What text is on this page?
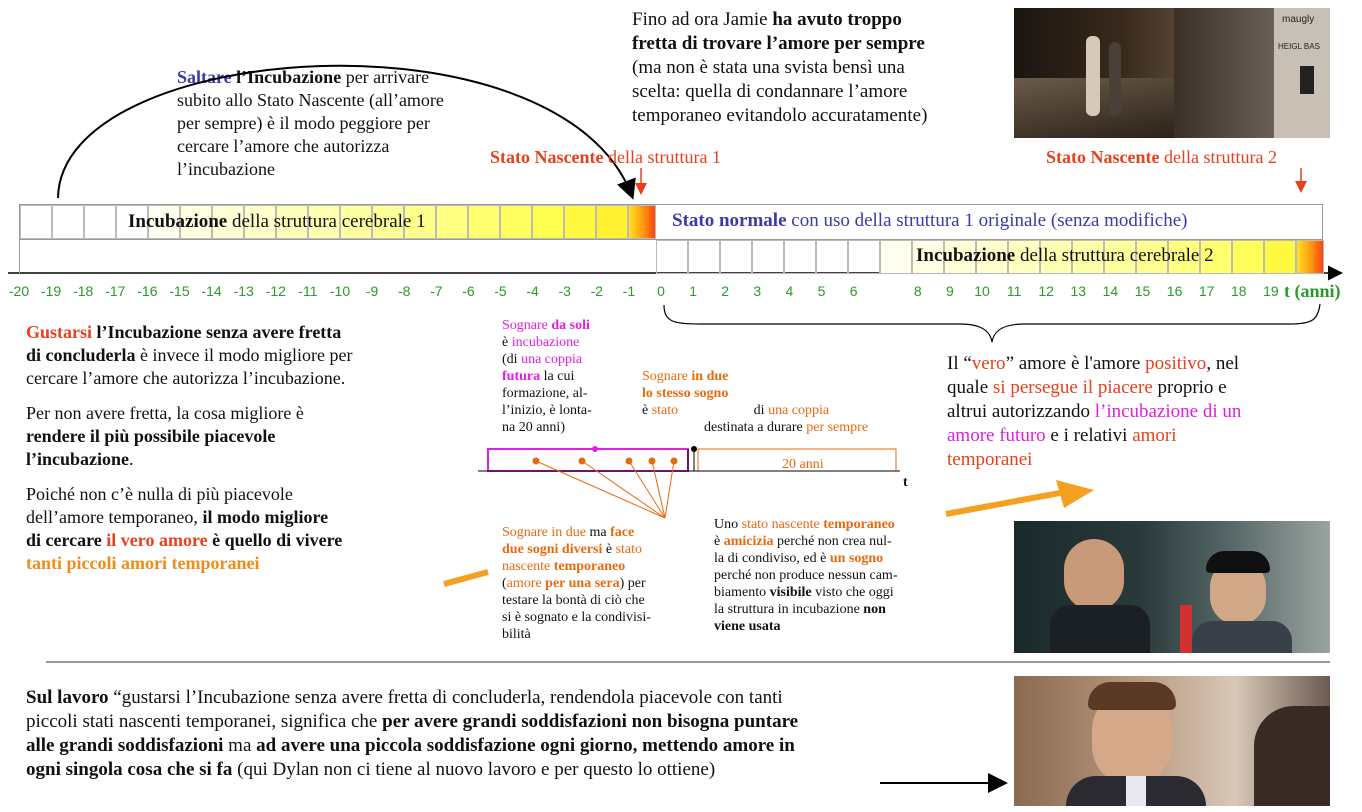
Fino ad ora Jamie ha avuto troppo
fretta di trovare l’amore per sempre
(ma non è stata una svista bensì una
scelta: quella di condannare l’amore
temporaneo evitandolo accuratamente)
maugly
HEIGL BAS
Saltare l’Incubazione per arrivare
subito allo Stato Nascente (all’amore
per sempre) è il modo peggiore per
cercare l’amore che autorizza
l’incubazione
Stato Nascente della struttura 1	Stato Nascente della struttura 2
Incubazione della struttura cerebrale 1	Stato normale con uso della struttura 1 originale (senza modifiche)
Incubazione della struttura cerebrale 2
-20 -19 -18 -17 -16 -15 -14 -13 -12 -11 -10 -9 -8 -7 -6 -5 -4 -3 -2 -1 0 1 2 3 4 5 6	8 9 10 11 12 13 14 15 16 17 18 19 t (anni)
Gustarsi l’Incubazione senza avere fretta
di concluderla è invece il modo migliore per
cercare l’amore che autorizza l’incubazione.
Per non avere fretta, la cosa migliore è
rendere il più possibile piacevole
l’incubazione.
Poiché non c’è nulla di più piacevole
dell’amore temporaneo, il modo migliore
di cercare il vero amore è quello di vivere
tanti piccoli amori temporanei
Sognare da soli
è incubazione
(di una coppia
futura la cui
formazione, al-
l’inizio, è lonta-
na 20 anni)
Sognare in due
lo stesso sogno
è stato	di una coppia
destinata a durare per sempre
20 anni
t
Sognare in due ma face
due sogni diversi è stato
nascente temporaneo
(amore per una sera) per
testare la bontà di ciò che
si è sognato e la condivisi-
bilità
Uno stato nascente temporaneo
è amicizia perché non crea nul-
la di condiviso, ed è un sogno
perché non produce nessun cam-
biamento visibile visto che oggi
la struttura in incubazione non
viene usata
Il “vero” amore è l'amore positivo, nel
quale si persegue il piacere proprio e
altrui autorizzando l’incubazione di un
amore futuro e i relativi amori
temporanei
Sul lavoro “gustarsi l’Incubazione senza avere fretta di concluderla, rendendola piacevole con tanti
piccoli stati nascenti temporanei, significa che per avere grandi soddisfazioni non bisogna puntare
alle grandi soddisfazioni ma ad avere una piccola soddisfazione ogni giorno, mettendo amore in
ogni singola cosa che si fa (qui Dylan non ci tiene al nuovo lavoro e per questo lo ottiene)
